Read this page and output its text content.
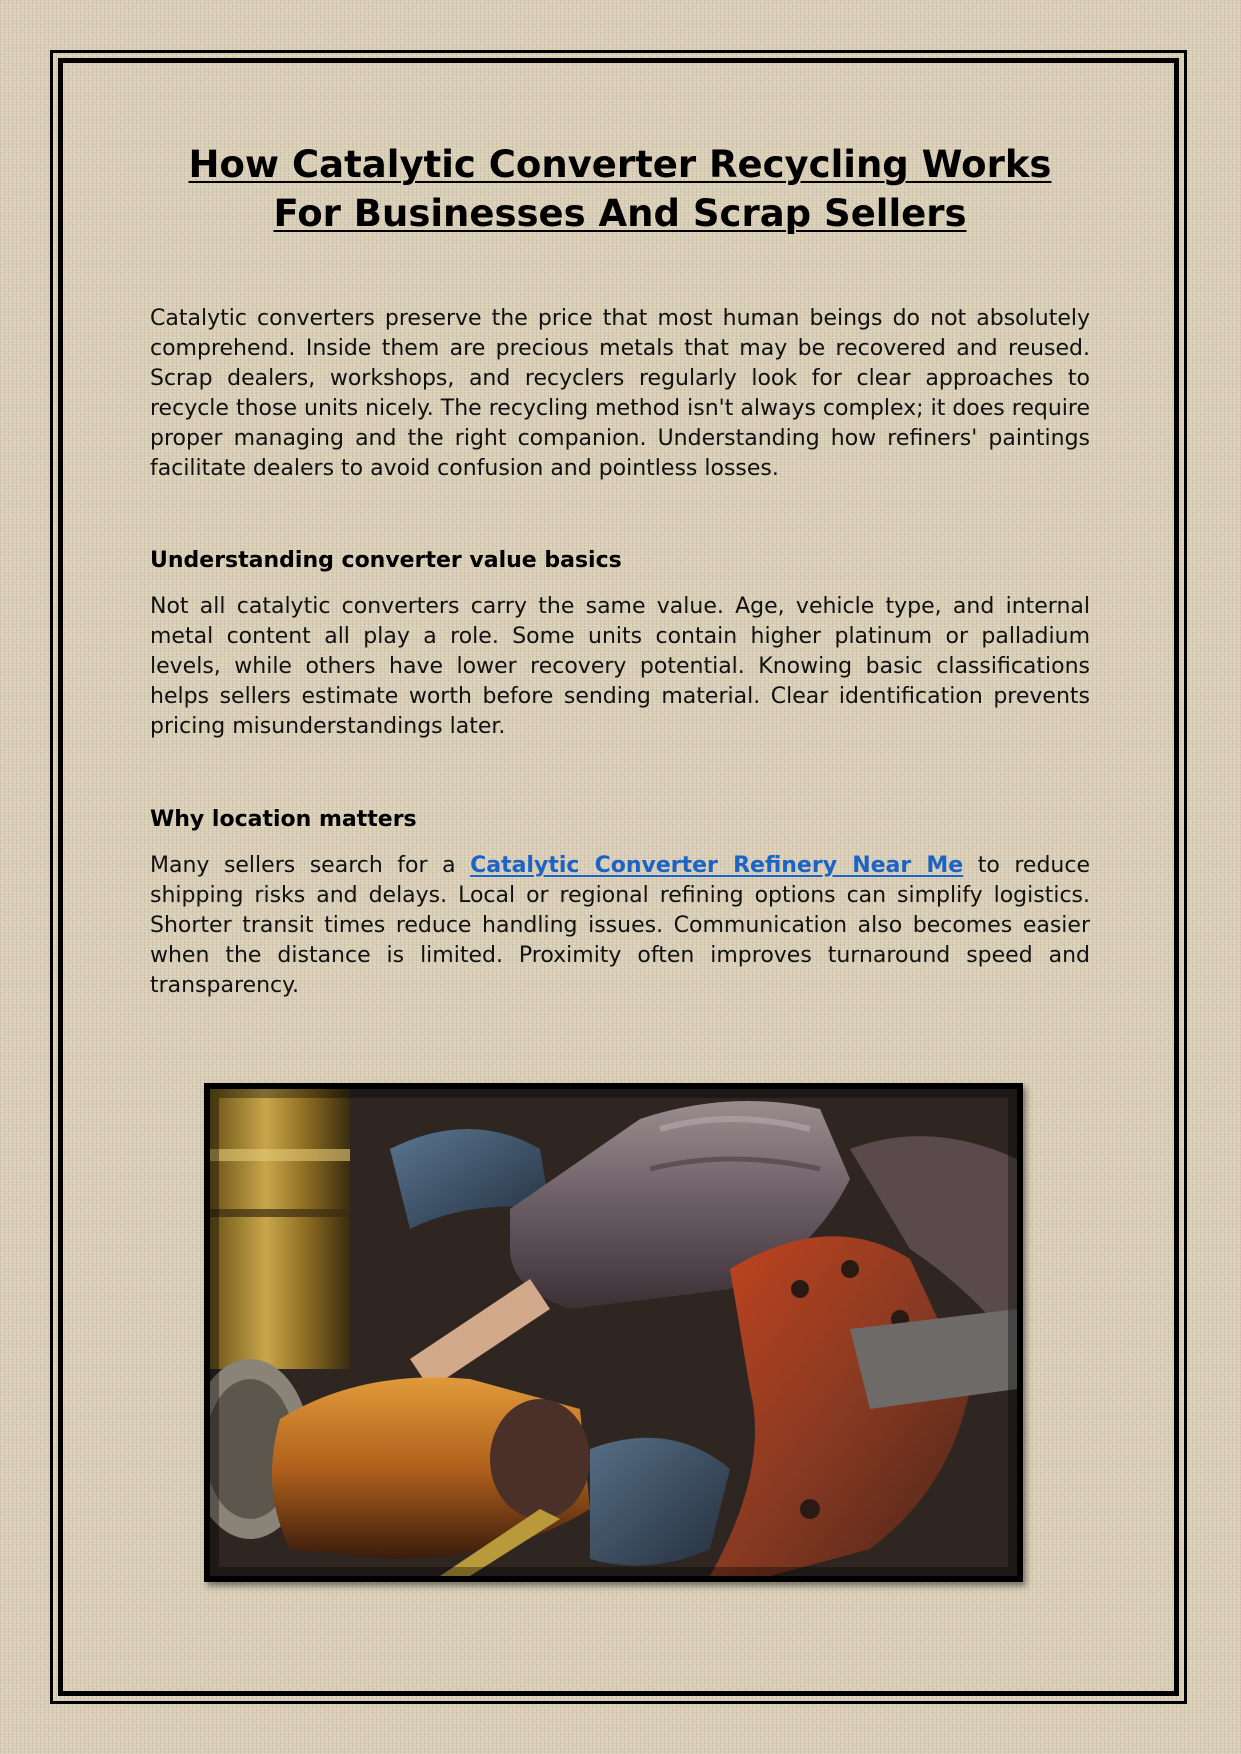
How Catalytic Converter Recycling Works
For Businesses And Scrap Sellers

Catalytic converters preserve the price that most human beings do not absolutely comprehend. Inside them are precious metals that may be recovered and reused. Scrap dealers, workshops, and recyclers regularly look for clear approaches to recycle those units nicely. The recycling method isn't always complex; it does require proper managing and the right companion. Understanding how refiners' paintings facilitate dealers to avoid confusion and pointless losses.

Understanding converter value basics

Not all catalytic converters carry the same value. Age, vehicle type, and internal metal content all play a role. Some units contain higher platinum or palladium levels, while others have lower recovery potential. Knowing basic classifications helps sellers estimate worth before sending material. Clear identification prevents pricing misunderstandings later.

Why location matters

Many sellers search for a Catalytic Converter Refinery Near Me to reduce shipping risks and delays. Local or regional refining options can simplify logistics. Shorter transit times reduce handling issues. Communication also becomes easier when the distance is limited. Proximity often improves turnaround speed and transparency.
